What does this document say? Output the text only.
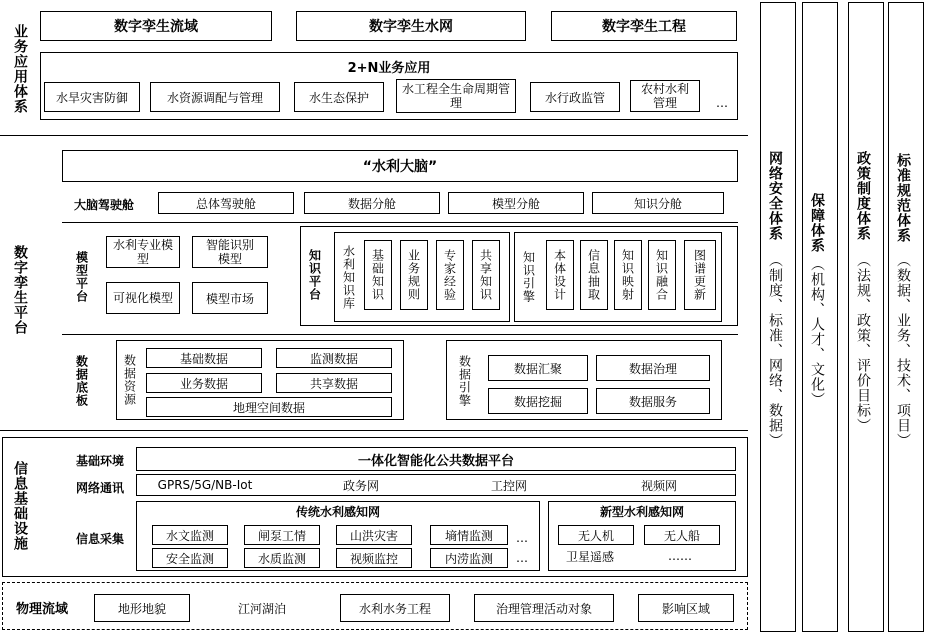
业务应用体系	数字孪生流域	数字孪生水网	数字孪生工程
2+N业务应用
水旱灾害防御	水资源调配与管理	水生态保护
水工程全生命周期管理	水行政监管
农村水利管理	…
数字孪生平台
“水利大脑”
大脑驾驶舱	总体驾驶舱	数据分舱	模型分舱	知识分舱
模型平台
水利专业模型
智能识别模型
可视化模型	模型市场	知识平台	水利知识库	基础知识	业务规则	专家经验	共享知识	知识引擎	本体设计	信息抽取	知识映射	知识融合	图谱更新
数据底板	数据资源	基础数据	监测数据
业务数据	共享数据
地理空间数据
数据引擎	数据汇聚	数据治理
数据挖掘	数据服务
信息基础设施	基础环境	一体化智能化公共数据平台
网络通讯	GPRS/5G/NB-Iot	政务网	工控网	视频网
信息采集
传统水利感知网
水文监测	闸泵工情	山洪灾害	墒情监测	…
安全监测	水质监测	视频监控	内涝监测	…
新型水利感知网
无人机	无人船
卫星遥感	……
物理流域	地形地貌	江河湖泊	水利水务工程	治理管理活动对象	影响区域
网络安全体系
（制度、标准、网络、数据）
保障体系
（机构、人才、文化）
政策制度体系
（法规、政策、评价目标）
标准规范体系
（数据、业务、技术、项目）
